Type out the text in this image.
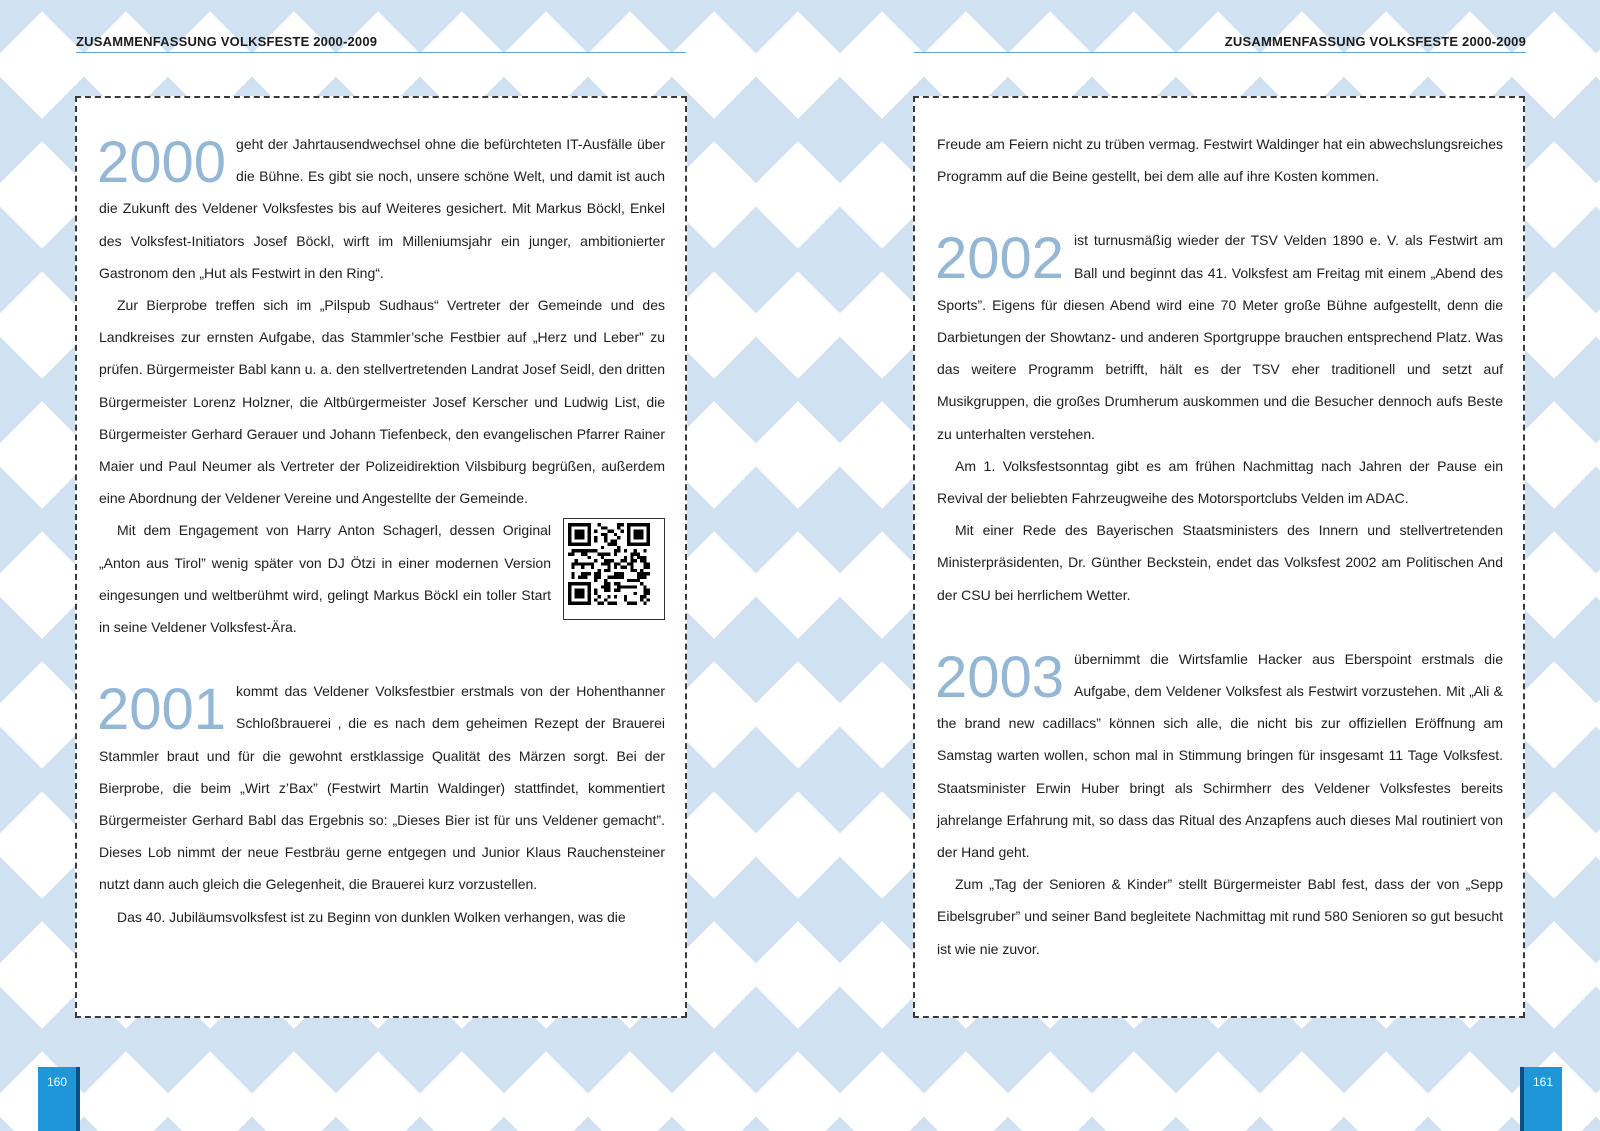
ZUSAMMENFASSUNG VOLKSFESTE 2000-2009
2000 geht der Jahrtausendwechsel ohne die befürchteten IT-Ausfälle über die Bühne. Es gibt sie noch, unsere schöne Welt, und damit ist auch die Zukunft des Veldener Volksfestes bis auf Weiteres gesichert. Mit Markus Böckl, Enkel des Volksfest-Initiators Josef Böckl, wirft im Milleniumsjahr ein junger, ambitionierter Gastronom den „Hut als Festwirt in den Ring“.

Zur Bierprobe treffen sich im „Pilspub Sudhaus“ Vertreter der Gemeinde und des Landkreises zur ernsten Aufgabe, das Stammler’sche Festbier auf „Herz und Leber” zu prüfen. Bürgermeister Babl kann u. a. den stellvertretenden Landrat Josef Seidl, den dritten Bürgermeister Lorenz Holzner, die Altbürgermeister Josef Kerscher und Ludwig List, die Bürgermeister Gerhard Gerauer und Johann Tiefenbeck, den evangelischen Pfarrer Rainer Maier und Paul Neumer als Vertreter der Polizeidirektion Vilsbiburg begrüßen, außerdem eine Abordnung der Veldener Vereine und Angestellte der Gemeinde.

Mit dem Engagement von Harry Anton Schagerl, dessen Original „Anton aus Tirol” wenig später von DJ Ötzi in einer modernen Version eingesungen und weltberühmt wird, gelingt Markus Böckl ein toller Start in seine Veldener Volksfest-Ära.

2001 kommt das Veldener Volksfestbier erstmals von der Hohenthanner Schloßbrauerei , die es nach dem geheimen Rezept der Brauerei Stammler braut und für die gewohnt erstklassige Qualität des Märzen sorgt. Bei der Bierprobe, die beim „Wirt z’Bax” (Festwirt Martin Waldinger) stattfindet, kommentiert Bürgermeister Gerhard Babl das Ergebnis so: „Dieses Bier ist für uns Veldener gemacht”. Dieses Lob nimmt der neue Festbräu gerne entgegen und Junior Klaus Rauchensteiner nutzt dann auch gleich die Gelegenheit, die Brauerei kurz vorzustellen.

Das 40. Jubiläumsvolksfest ist zu Beginn von dunklen Wolken verhangen, was die

160
ZUSAMMENFASSUNG VOLKSFESTE 2000-2009

Freude am Feiern nicht zu trüben vermag. Festwirt Waldinger hat ein abwechslungsreiches Programm auf die Beine gestellt, bei dem alle auf ihre Kosten kommen.

2002 ist turnusmäßig wieder der TSV Velden 1890 e. V. als Festwirt am Ball und beginnt das 41. Volksfest am Freitag mit einem „Abend des Sports”. Eigens für diesen Abend wird eine 70 Meter große Bühne aufgestellt, denn die Darbietungen der Showtanz- und anderen Sportgruppe brauchen entsprechend Platz. Was das weitere Programm betrifft, hält es der TSV eher traditionell und setzt auf Musikgruppen, die großes Drumherum auskommen und die Besucher dennoch aufs Beste zu unterhalten verstehen.

Am 1. Volksfestsonntag gibt es am frühen Nachmittag nach Jahren der Pause ein Revival der beliebten Fahrzeugweihe des Motorsportclubs Velden im ADAC.

Mit einer Rede des Bayerischen Staatsministers des Innern und stellvertretenden Ministerpräsidenten, Dr. Günther Beckstein, endet das Volksfest 2002 am Politischen And der CSU bei herrlichem Wetter.

2003 übernimmt die Wirtsfamlie Hacker aus Eberspoint erstmals die Aufgabe, dem Veldener Volksfest als Festwirt vorzustehen. Mit „Ali & the brand new cadillacs” können sich alle, die nicht bis zur offiziellen Eröffnung am Samstag warten wollen, schon mal in Stimmung bringen für insgesamt 11 Tage Volksfest. Staatsminister Erwin Huber bringt als Schirmherr des Veldener Volksfestes bereits jahrelange Erfahrung mit, so dass das Ritual des Anzapfens auch dieses Mal routiniert von der Hand geht.

Zum „Tag der Senioren & Kinder” stellt Bürgermeister Babl fest, dass der von „Sepp Eibelsgruber” und seiner Band begleitete Nachmittag mit rund 580 Senioren so gut besucht ist wie nie zuvor.

161
